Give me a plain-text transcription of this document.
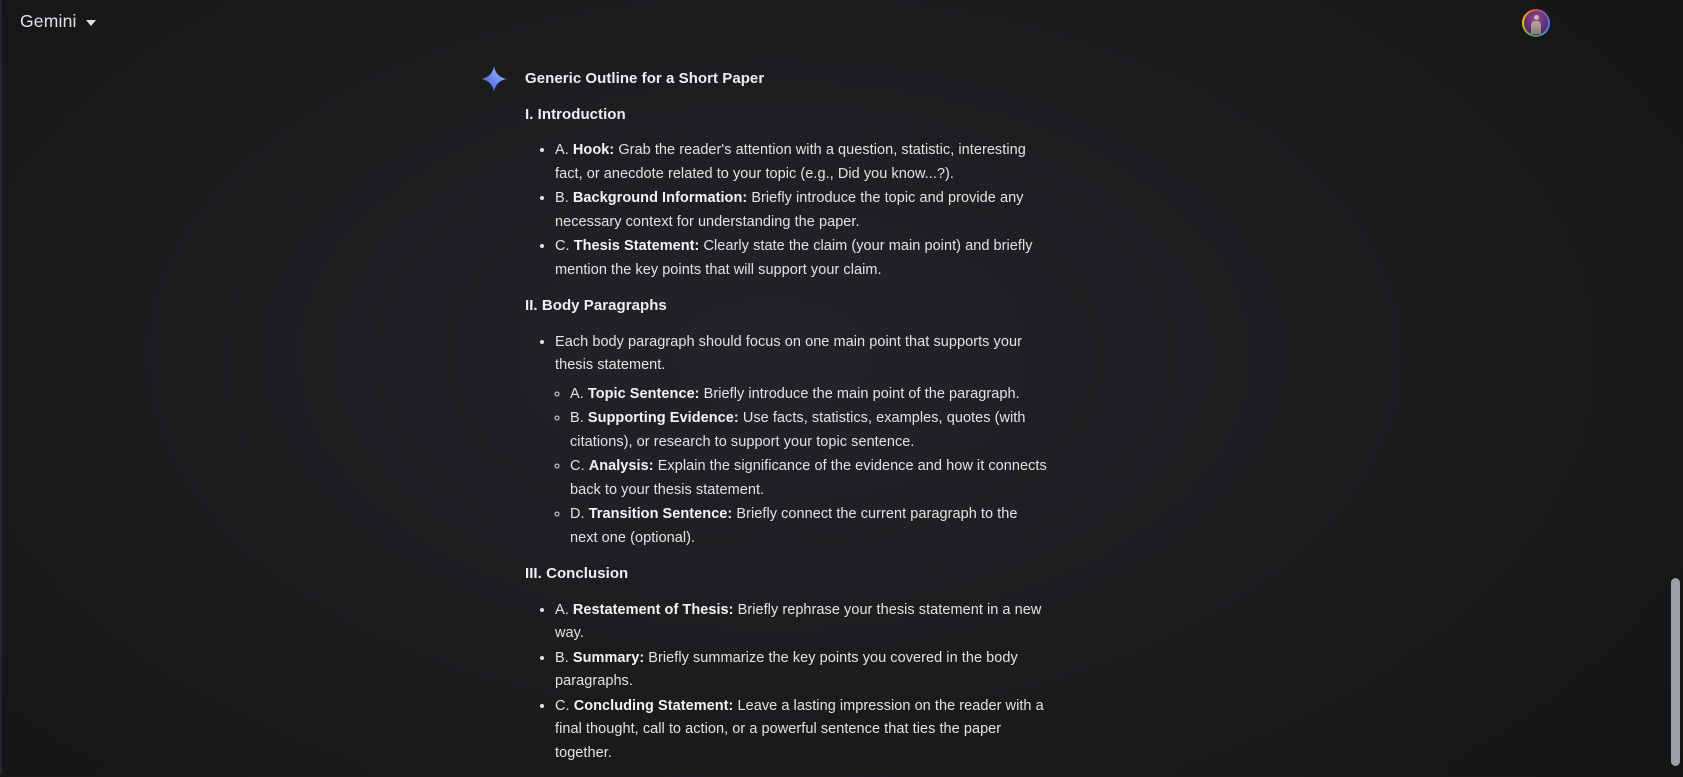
Gemini
Generic Outline for a Short Paper
I. Introduction
• A. Hook: Grab the reader's attention with a question, statistic, interesting fact, or anecdote related to your topic (e.g., Did you know...?).
• B. Background Information: Briefly introduce the topic and provide any necessary context for understanding the paper.
• C. Thesis Statement: Clearly state the claim (your main point) and briefly mention the key points that will support your claim.
II. Body Paragraphs
• Each body paragraph should focus on one main point that supports your thesis statement.
◦ A. Topic Sentence: Briefly introduce the main point of the paragraph.
◦ B. Supporting Evidence: Use facts, statistics, examples, quotes (with citations), or research to support your topic sentence.
◦ C. Analysis: Explain the significance of the evidence and how it connects back to your thesis statement.
◦ D. Transition Sentence: Briefly connect the current paragraph to the next one (optional).
III. Conclusion
• A. Restatement of Thesis: Briefly rephrase your thesis statement in a new way.
• B. Summary: Briefly summarize the key points you covered in the body paragraphs.
• C. Concluding Statement: Leave a lasting impression on the reader with a final thought, call to action, or a powerful sentence that ties the paper together.
